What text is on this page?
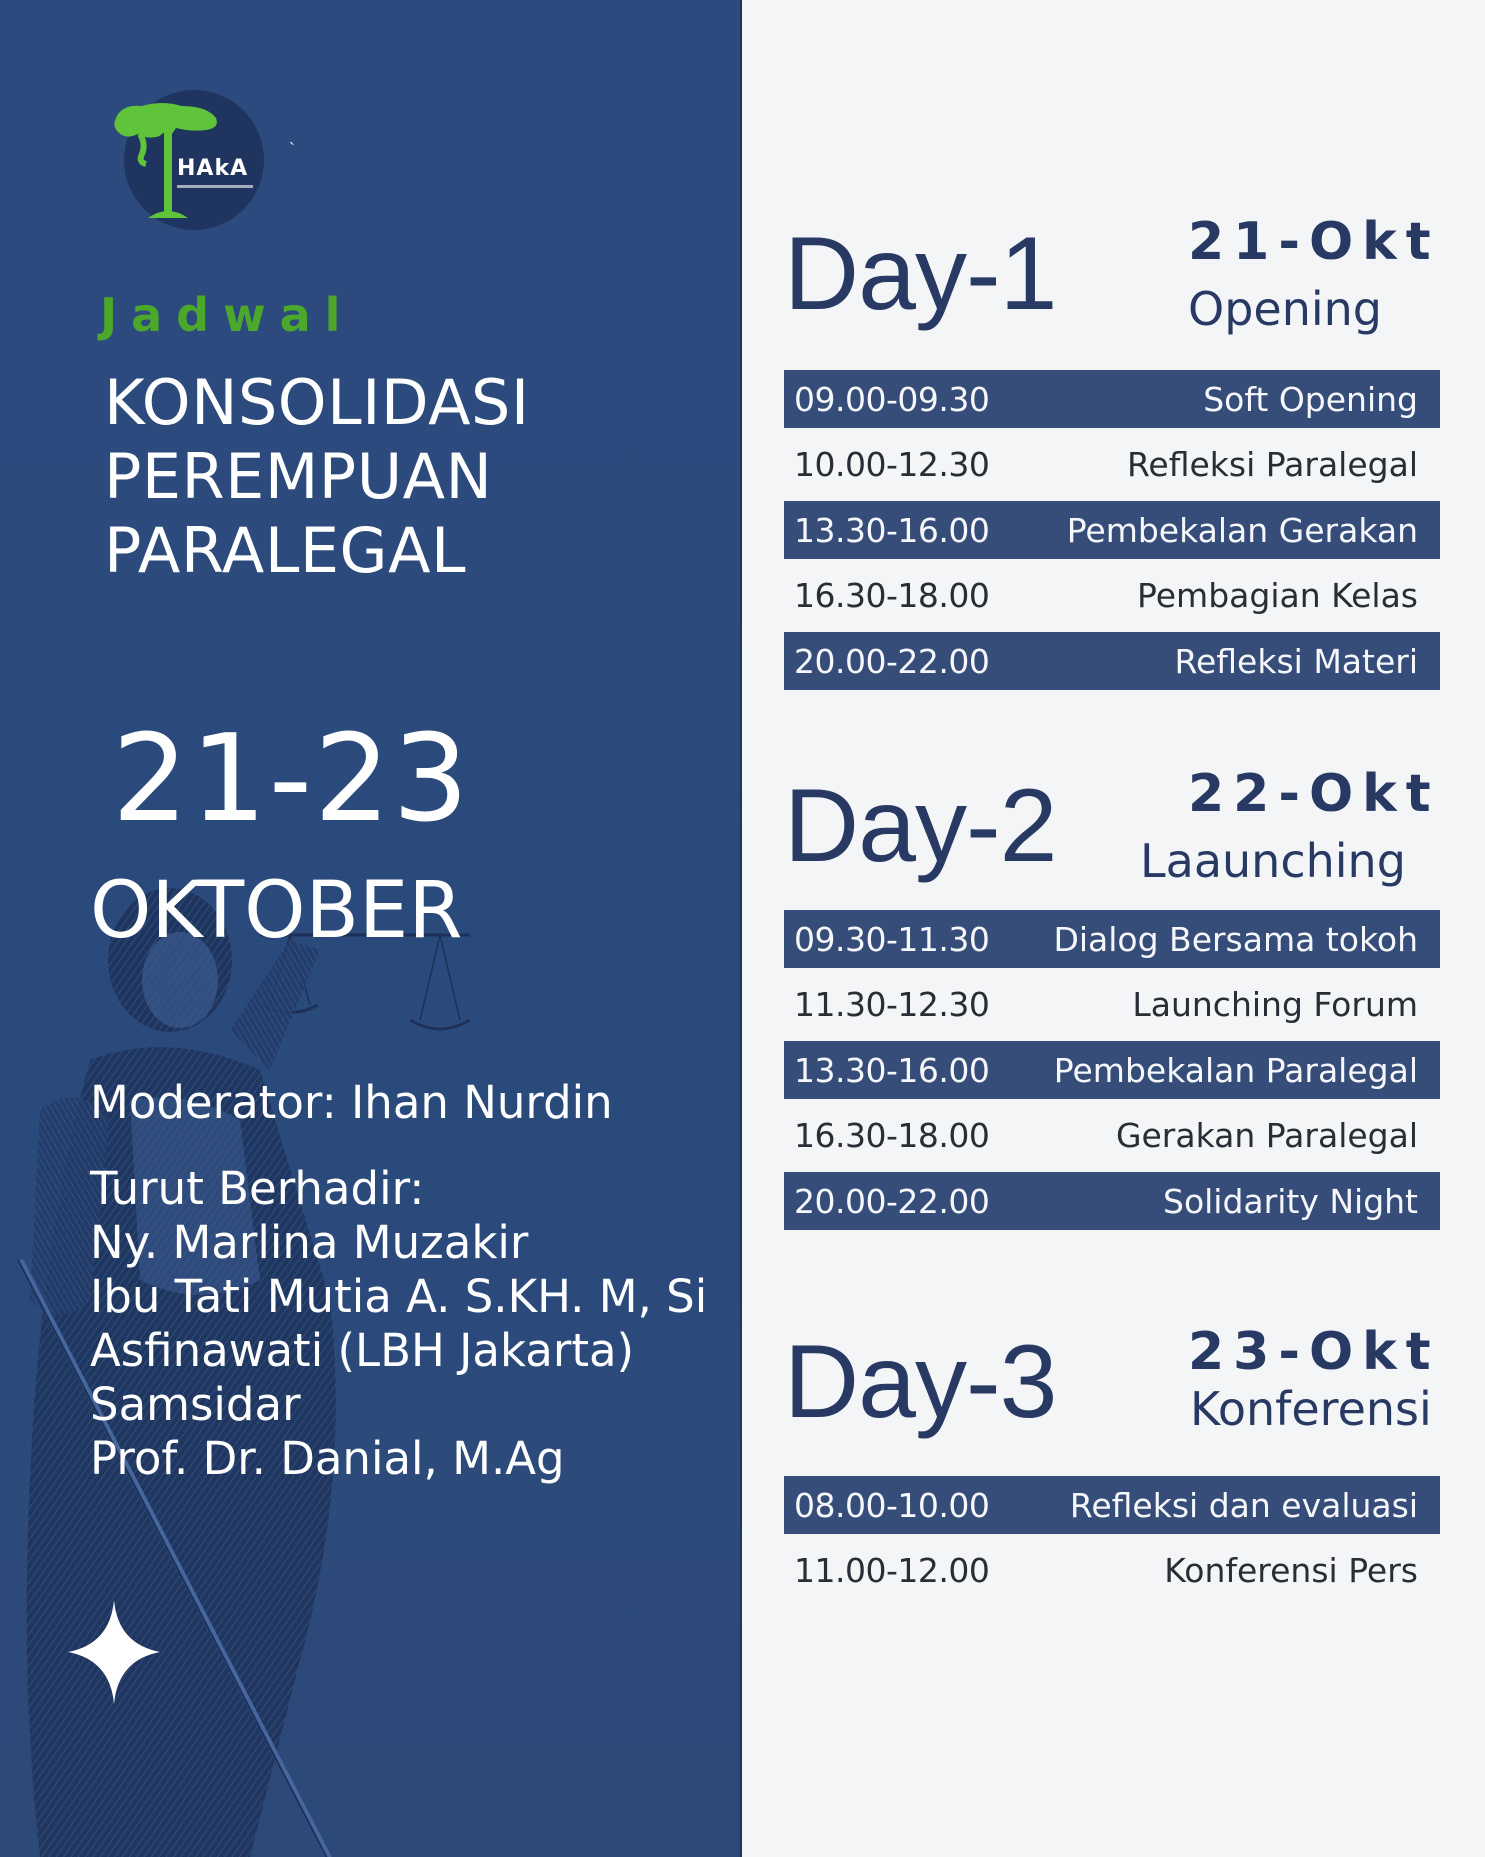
HAkA
`
Jadwal
KONSOLIDASI
PEREMPUAN
PARALEGAL
21-23
OKTOBER
Moderator: Ihan Nurdin
Turut Berhadir:
Ny. Marlina Muzakir
Ibu Tati Mutia A. S.KH. M, Si
Asfinawati (LBH Jakarta)
Samsidar
Prof. Dr. Danial, M.Ag
Day-1	21-Okt
Opening
09.00-09.30	Soft Opening
10.00-12.30	Refleksi Paralegal
13.30-16.00 Pembekalan Gerakan
16.30-18.00	Pembagian Kelas
20.00-22.00	Refleksi Materi
Day-2	22-Okt
Laaunching
09.30-11.30 Dialog Bersama tokoh
11.30-12.30	Launching Forum
13.30-16.00 Pembekalan Paralegal
16.30-18.00	Gerakan Paralegal
20.00-22.00	Solidarity Night
Day-3	23-Okt
Konferensi
08.00-10.00 Refleksi dan evaluasi
11.00-12.00	Konferensi Pers
